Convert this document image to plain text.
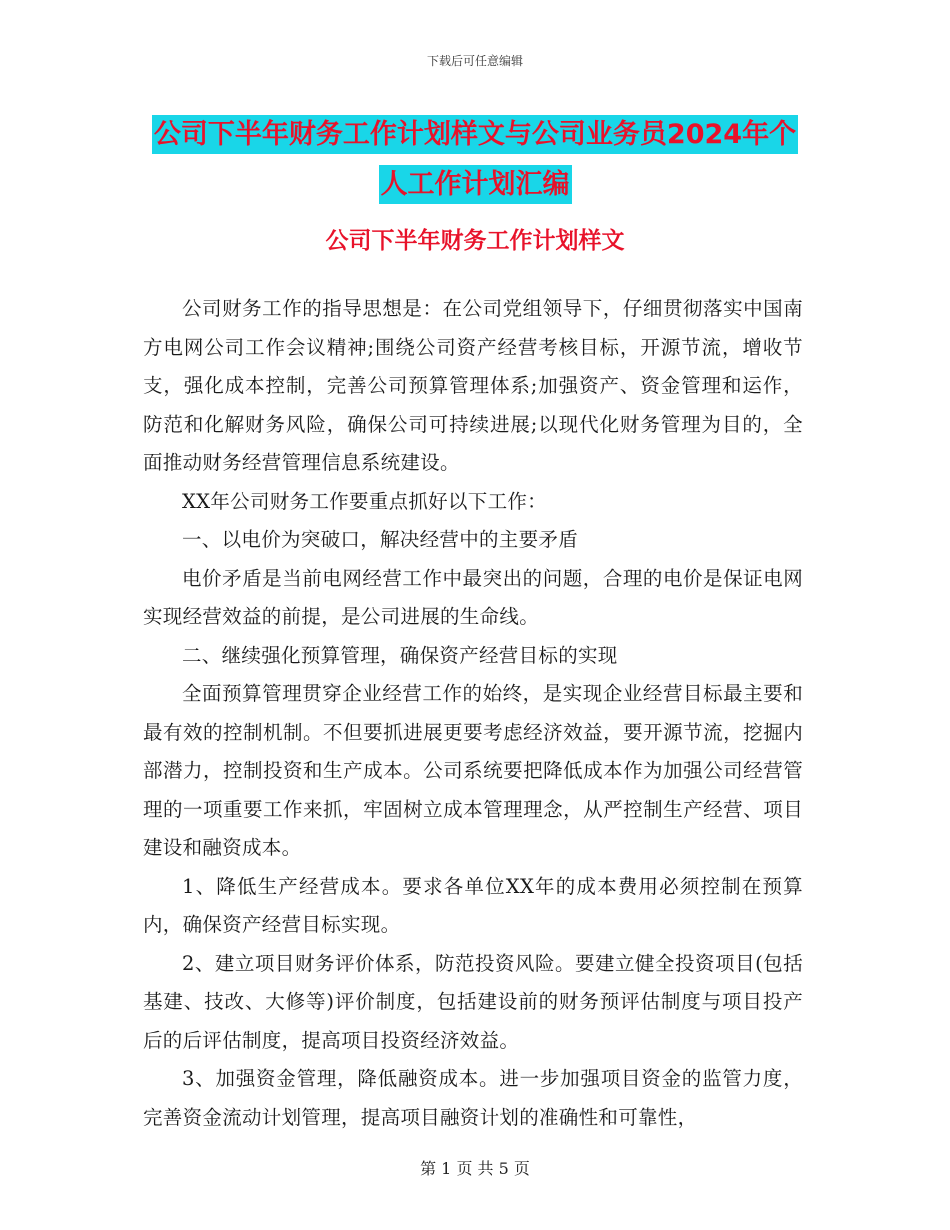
下载后可任意编辑
公司下半年财务工作计划样文与公司业务员2024年个
人工作计划汇编
公司下半年财务工作计划样文

公司财务工作的指导思想是：在公司党组领导下，仔细贯彻落实中国南方电网公司工作会议精神;围绕公司资产经营考核目标，开源节流，增收节支，强化成本控制，完善公司预算管理体系;加强资产、资金管理和运作，防范和化解财务风险，确保公司可持续进展;以现代化财务管理为目的，全面推动财务经营管理信息系统建设。

XX年公司财务工作要重点抓好以下工作：

一、以电价为突破口，解决经营中的主要矛盾

电价矛盾是当前电网经营工作中最突出的问题，合理的电价是保证电网实现经营效益的前提，是公司进展的生命线。

二、继续强化预算管理，确保资产经营目标的实现

全面预算管理贯穿企业经营工作的始终，是实现企业经营目标最主要和最有效的控制机制。不但要抓进展更要考虑经济效益，要开源节流，挖掘内部潜力，控制投资和生产成本。公司系统要把降低成本作为加强公司经营管理的一项重要工作来抓，牢固树立成本管理理念，从严控制生产经营、项目建设和融资成本。

1、降低生产经营成本。要求各单位XX年的成本费用必须控制在预算内，确保资产经营目标实现。

2、建立项目财务评价体系，防范投资风险。要建立健全投资项目(包括基建、技改、大修等)评价制度，包括建设前的财务预评估制度与项目投产后的后评估制度，提高项目投资经济效益。

3、加强资金管理，降低融资成本。进一步加强项目资金的监管力度，完善资金流动计划管理，提高项目融资计划的准确性和可靠性，

第 1 页 共 5 页
